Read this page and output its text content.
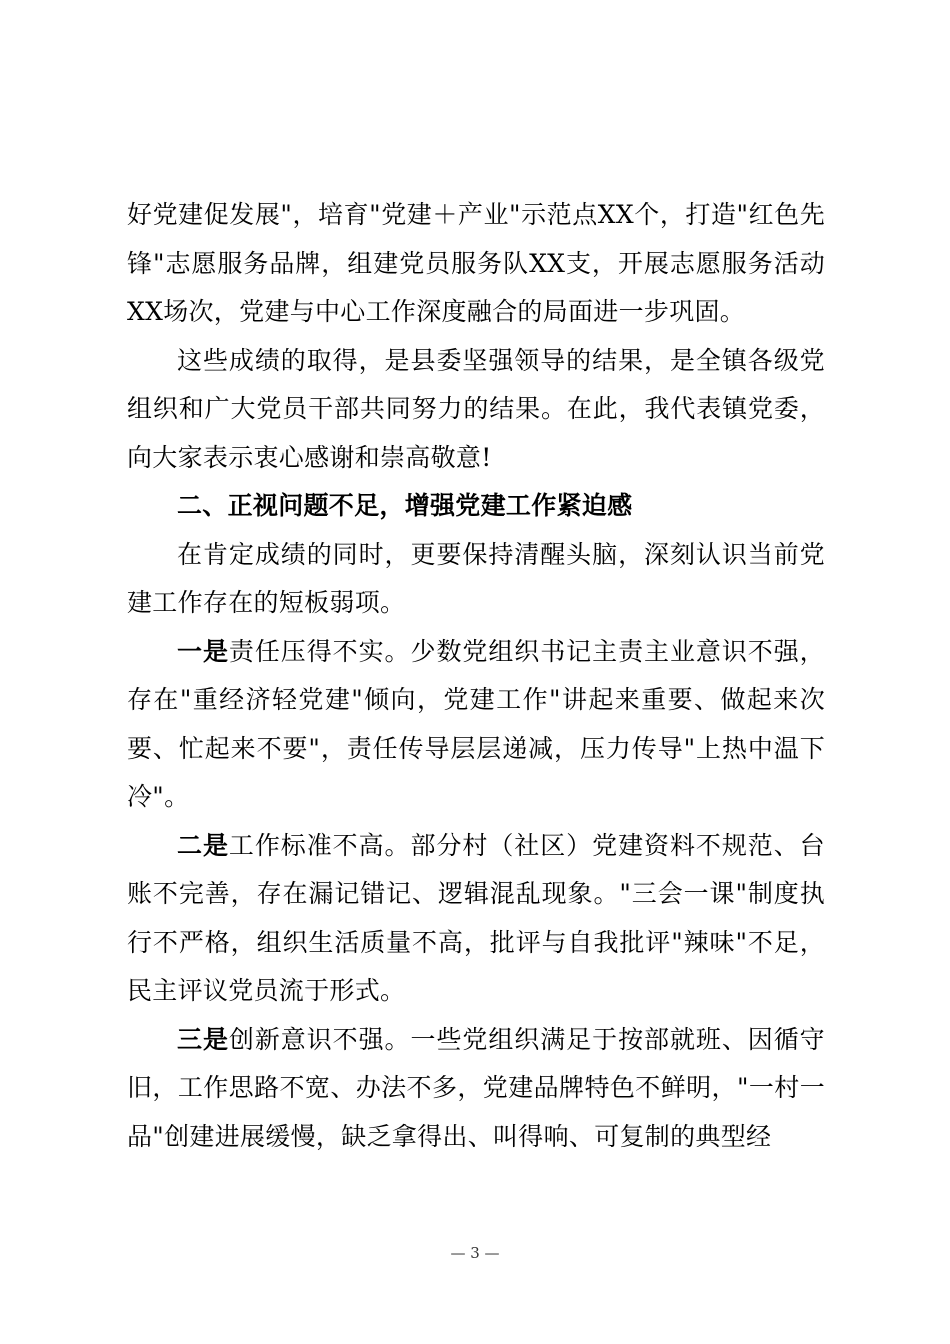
好党建促发展"，培育"党建＋产业"示范点XX个，打造"红色先锋"志愿服务品牌，组建党员服务队XX支，开展志愿服务活动XX场次，党建与中心工作深度融合的局面进一步巩固。

这些成绩的取得，是县委坚强领导的结果，是全镇各级党组织和广大党员干部共同努力的结果。在此，我代表镇党委，向大家表示衷心感谢和崇高敬意!

二、正视问题不足，增强党建工作紧迫感

在肯定成绩的同时，更要保持清醒头脑，深刻认识当前党建工作存在的短板弱项。

一是责任压得不实。少数党组织书记主责主业意识不强，存在"重经济轻党建"倾向，党建工作"讲起来重要、做起来次要、忙起来不要"，责任传导层层递减，压力传导"上热中温下冷"。

二是工作标准不高。部分村（社区）党建资料不规范、台账不完善，存在漏记错记、逻辑混乱现象。"三会一课"制度执行不严格，组织生活质量不高，批评与自我批评"辣味"不足，民主评议党员流于形式。

三是创新意识不强。一些党组织满足于按部就班、因循守旧，工作思路不宽、办法不多，党建品牌特色不鲜明，"一村一品"创建进展缓慢，缺乏拿得出、叫得响、可复制的典型经

— 3 —
